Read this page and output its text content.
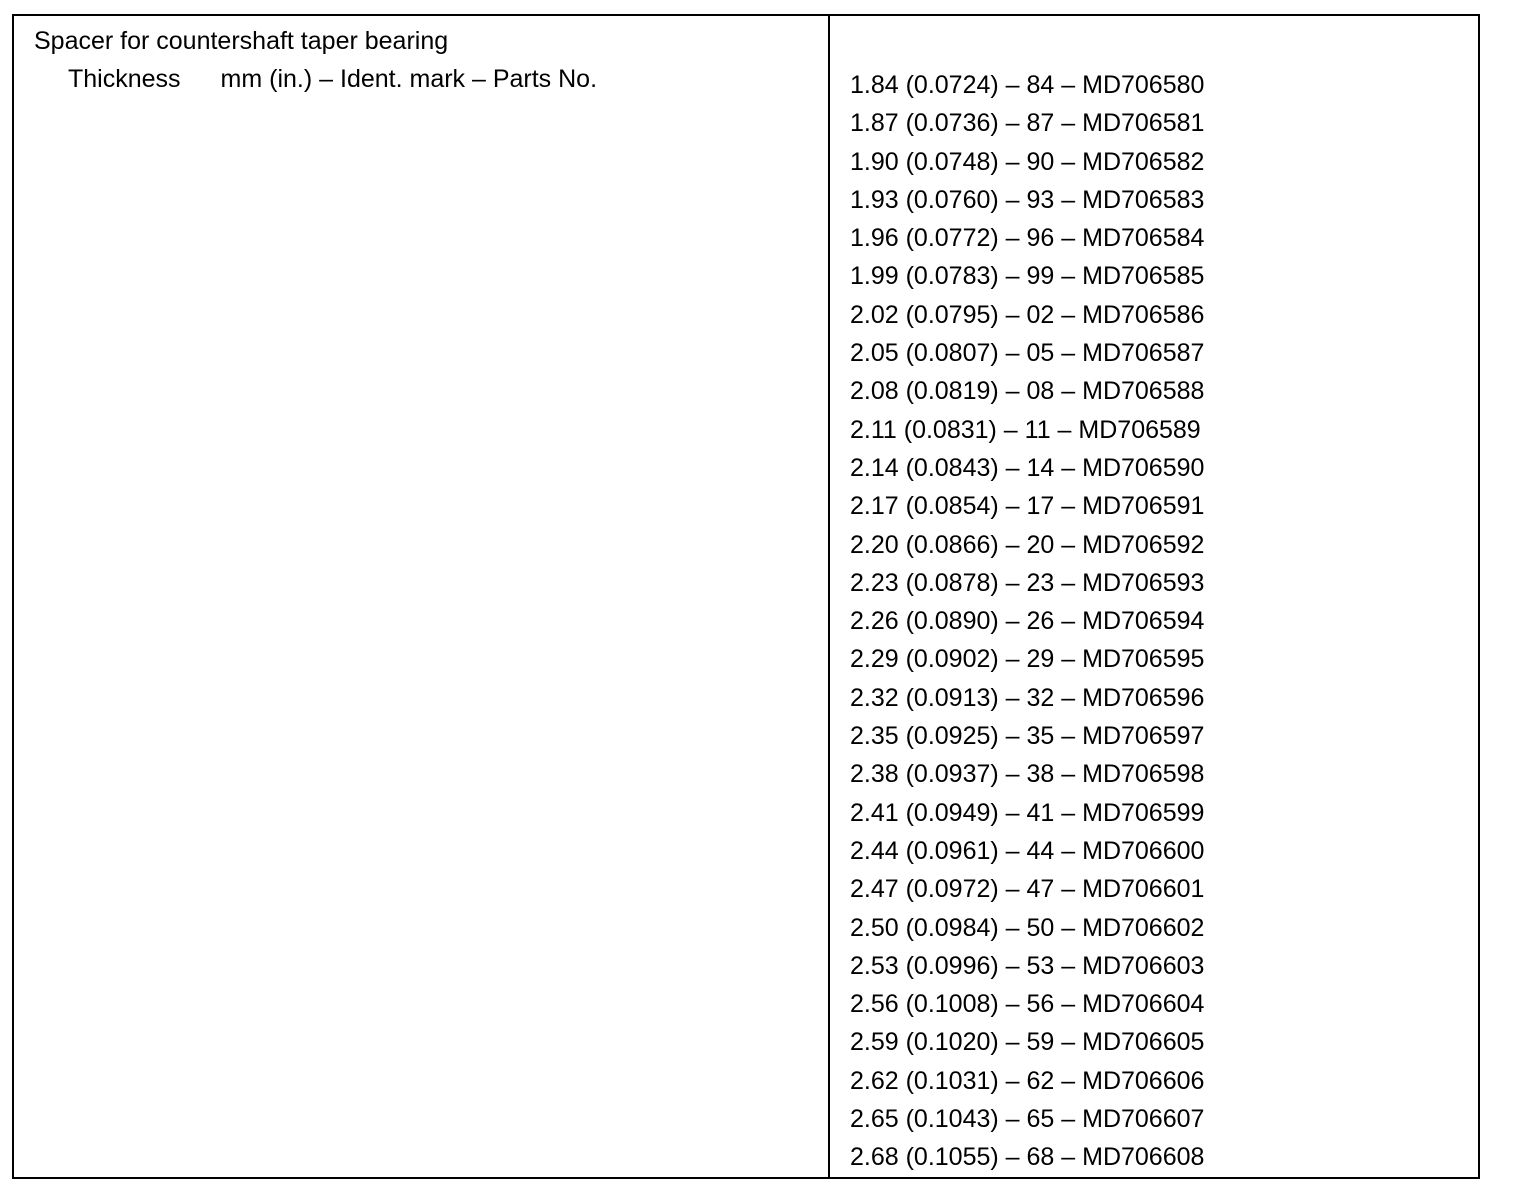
Spacer for countershaft taper bearing
Thickness mm (in.) – Ident. mark – Parts No.	1.84 (0.0724) – 84 – MD706580
1.87 (0.0736) – 87 – MD706581
1.90 (0.0748) – 90 – MD706582
1.93 (0.0760) – 93 – MD706583
1.96 (0.0772) – 96 – MD706584
1.99 (0.0783) – 99 – MD706585
2.02 (0.0795) – 02 – MD706586
2.05 (0.0807) – 05 – MD706587
2.08 (0.0819) – 08 – MD706588
2.11 (0.0831) – 11 – MD706589
2.14 (0.0843) – 14 – MD706590
2.17 (0.0854) – 17 – MD706591
2.20 (0.0866) – 20 – MD706592
2.23 (0.0878) – 23 – MD706593
2.26 (0.0890) – 26 – MD706594
2.29 (0.0902) – 29 – MD706595
2.32 (0.0913) – 32 – MD706596
2.35 (0.0925) – 35 – MD706597
2.38 (0.0937) – 38 – MD706598
2.41 (0.0949) – 41 – MD706599
2.44 (0.0961) – 44 – MD706600
2.47 (0.0972) – 47 – MD706601
2.50 (0.0984) – 50 – MD706602
2.53 (0.0996) – 53 – MD706603
2.56 (0.1008) – 56 – MD706604
2.59 (0.1020) – 59 – MD706605
2.62 (0.1031) – 62 – MD706606
2.65 (0.1043) – 65 – MD706607
2.68 (0.1055) – 68 – MD706608
